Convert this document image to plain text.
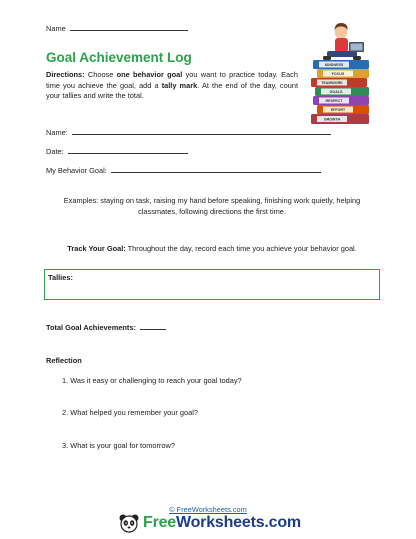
Name
Goal Achievement Log
Directions: Choose one behavior goal you want to practice today. Each time you achieve the goal, add a tally mark. At the end of the day, count your tallies and write the total.
KINDNESS
FOCUS
TEAMWORK
GOALS
RESPECT
EFFORT
GROWTH
Name:
Date:
My Behavior Goal:
Examples: staying on task, raising my hand before speaking, finishing work quietly, helping classmates, following directions the first time.
Track Your Goal: Throughout the day, record each time you achieve your behavior goal.
Tallies:
Total Goal Achievements:
Reflection
1. Was it easy or challenging to reach your goal today?
2. What helped you remember your goal?
3. What is your goal for tomorrow?
© FreeWorksheets.com
FreeWorksheets.com
